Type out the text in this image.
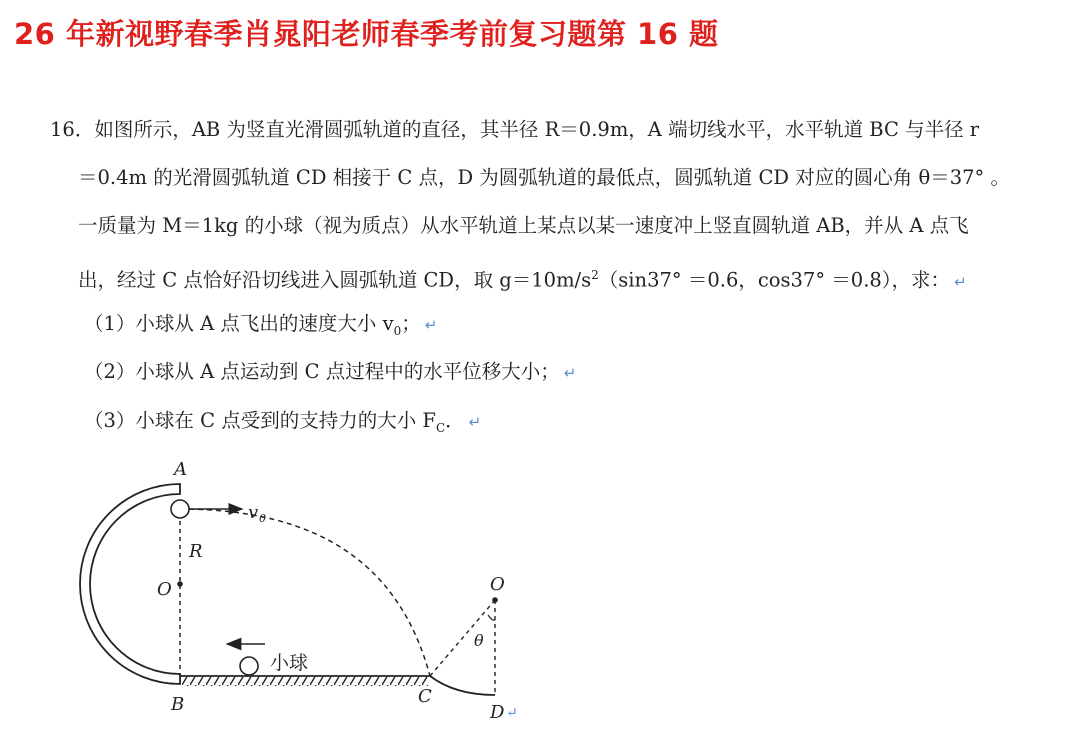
26 年新视野春季肖晁阳老师春季考前复习题第 16 题
16．如图所示，AB 为竖直光滑圆弧轨道的直径，其半径 R＝0.9m，A 端切线水平，水平轨道 BC 与半径 r
＝0.4m 的光滑圆弧轨道 CD 相接于 C 点，D 为圆弧轨道的最低点，圆弧轨道 CD 对应的圆心角 θ＝37° 。
一质量为 M＝1kg 的小球（视为质点）从水平轨道上某点以某一速度冲上竖直圆轨道 AB，并从 A 点飞
出，经过 C 点恰好沿切线进入圆弧轨道 CD，取 $g=10m/s^2(\sin 37^\circ =0.6$，cos37° ＝0.8），求： ↵
（1）小球从 A 点飞出的速度大小 $v_0$； ↵
（2）小球从 A 点运动到 C 点过程中的水平位移大小； ↵
（3）小球在 C 点受到的支持力的大小 $F_C$． ↵
A
R
O
B	C
O
θ
D ↵
v 0
小球
